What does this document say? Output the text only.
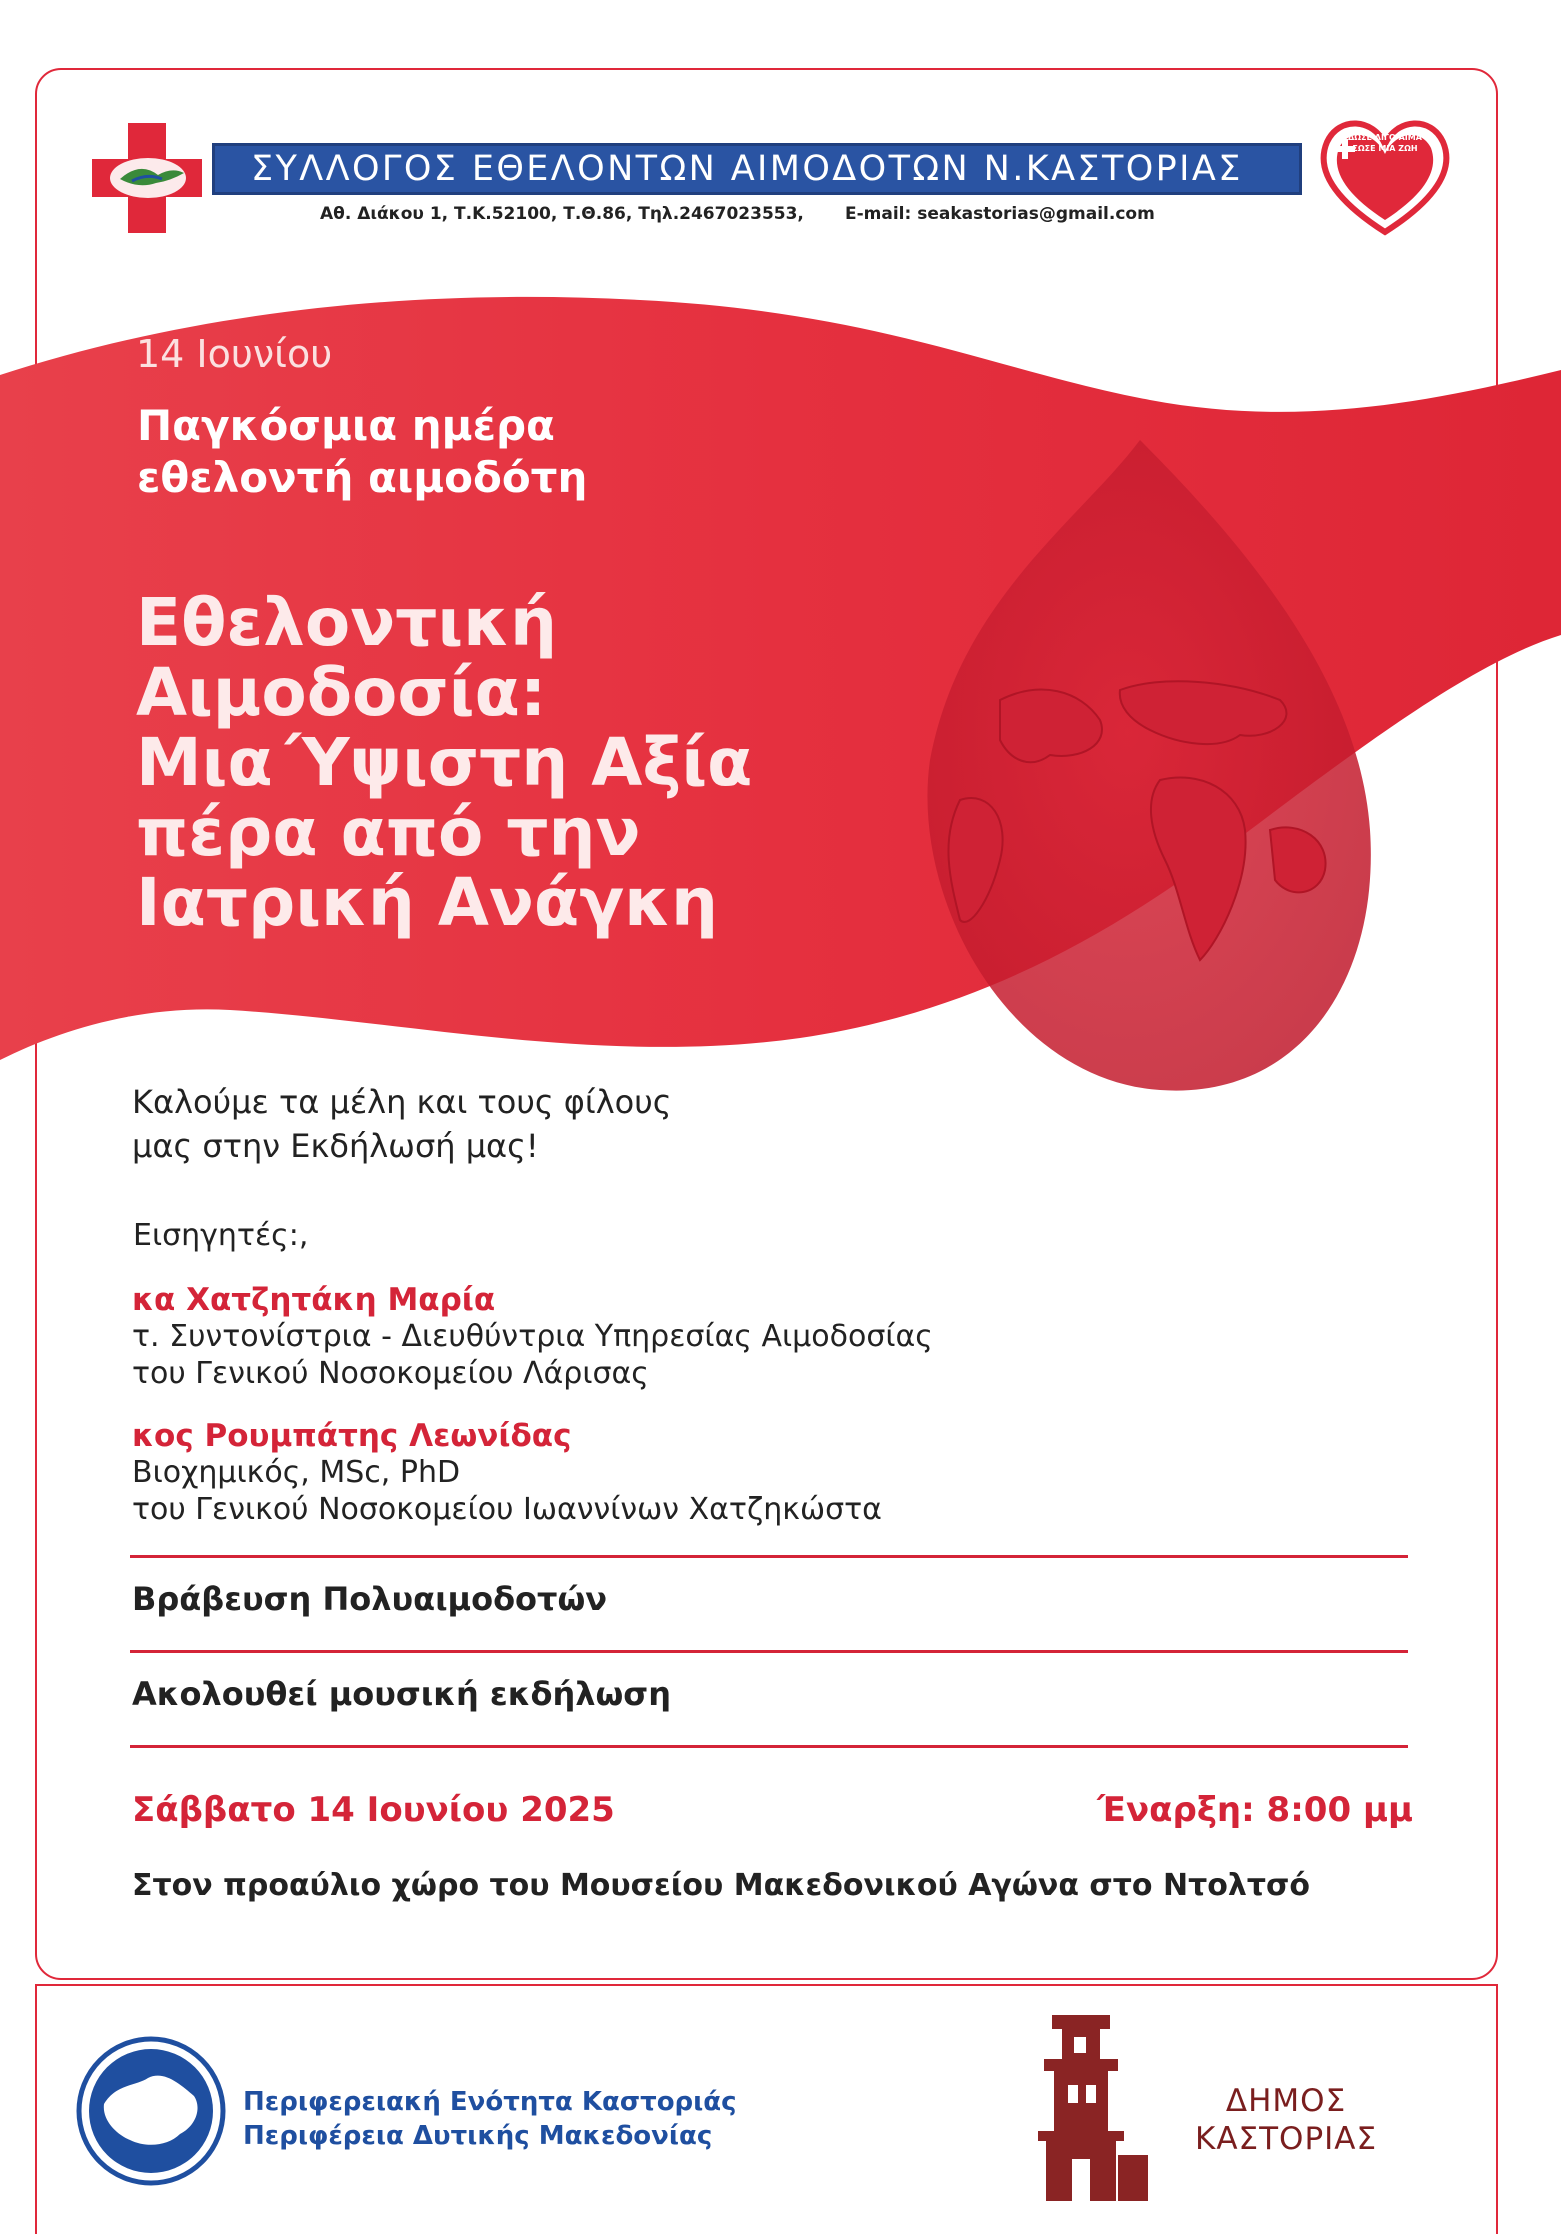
ΣΥΛΛΟΓΟΣ ΕΘΕΛΟΝΤΩΝ ΑΙΜΟΔΟΤΩΝ Ν.ΚΑΣΤΟΡΙΑΣ
Αθ. Διάκου 1, Τ.Κ.52100, Τ.Θ.86, Τηλ.2467023553, E-mail: seakastorias@gmail.com
ΔΩΣΕ ΛΙΓΟ ΑΙΜΑ ΣΩΣΕ ΜΙΑ ΖΩΗ
14 Ιουνίου
Παγκόσμια ημέρα
εθελοντή αιμοδότη
Εθελοντική
Αιμοδοσία:
Μια΄Υψιστη Αξία
πέρα από την
Ιατρική Ανάγκη
Καλούμε τα μέλη και τους φίλους
μας στην Εκδήλωσή μας!
Εισηγητές:,
κα Χατζητάκη Μαρία
τ. Συντονίστρια - Διευθύντρια Υπηρεσίας Αιμοδοσίας
του Γενικού Νοσοκομείου Λάρισας
κος Ρουμπάτης Λεωνίδας
Βιοχημικός, MSc, PhD
του Γενικού Νοσοκομείου Ιωαννίνων Χατζηκώστα
Βράβευση Πολυαιμοδοτών
Ακολουθεί μουσική εκδήλωση
Σάββατο 14 Ιουνίου 2025	Έναρξη: 8:00 μμ
Στον προαύλιο χώρο του Μουσείου Μακεδονικού Αγώνα στο Ντολτσό
Περιφερειακή Ενότητα Καστοριάς
Περιφέρεια Δυτικής Μακεδονίας
ΔΗΜΟΣ
ΚΑΣΤΟΡΙΑΣ
